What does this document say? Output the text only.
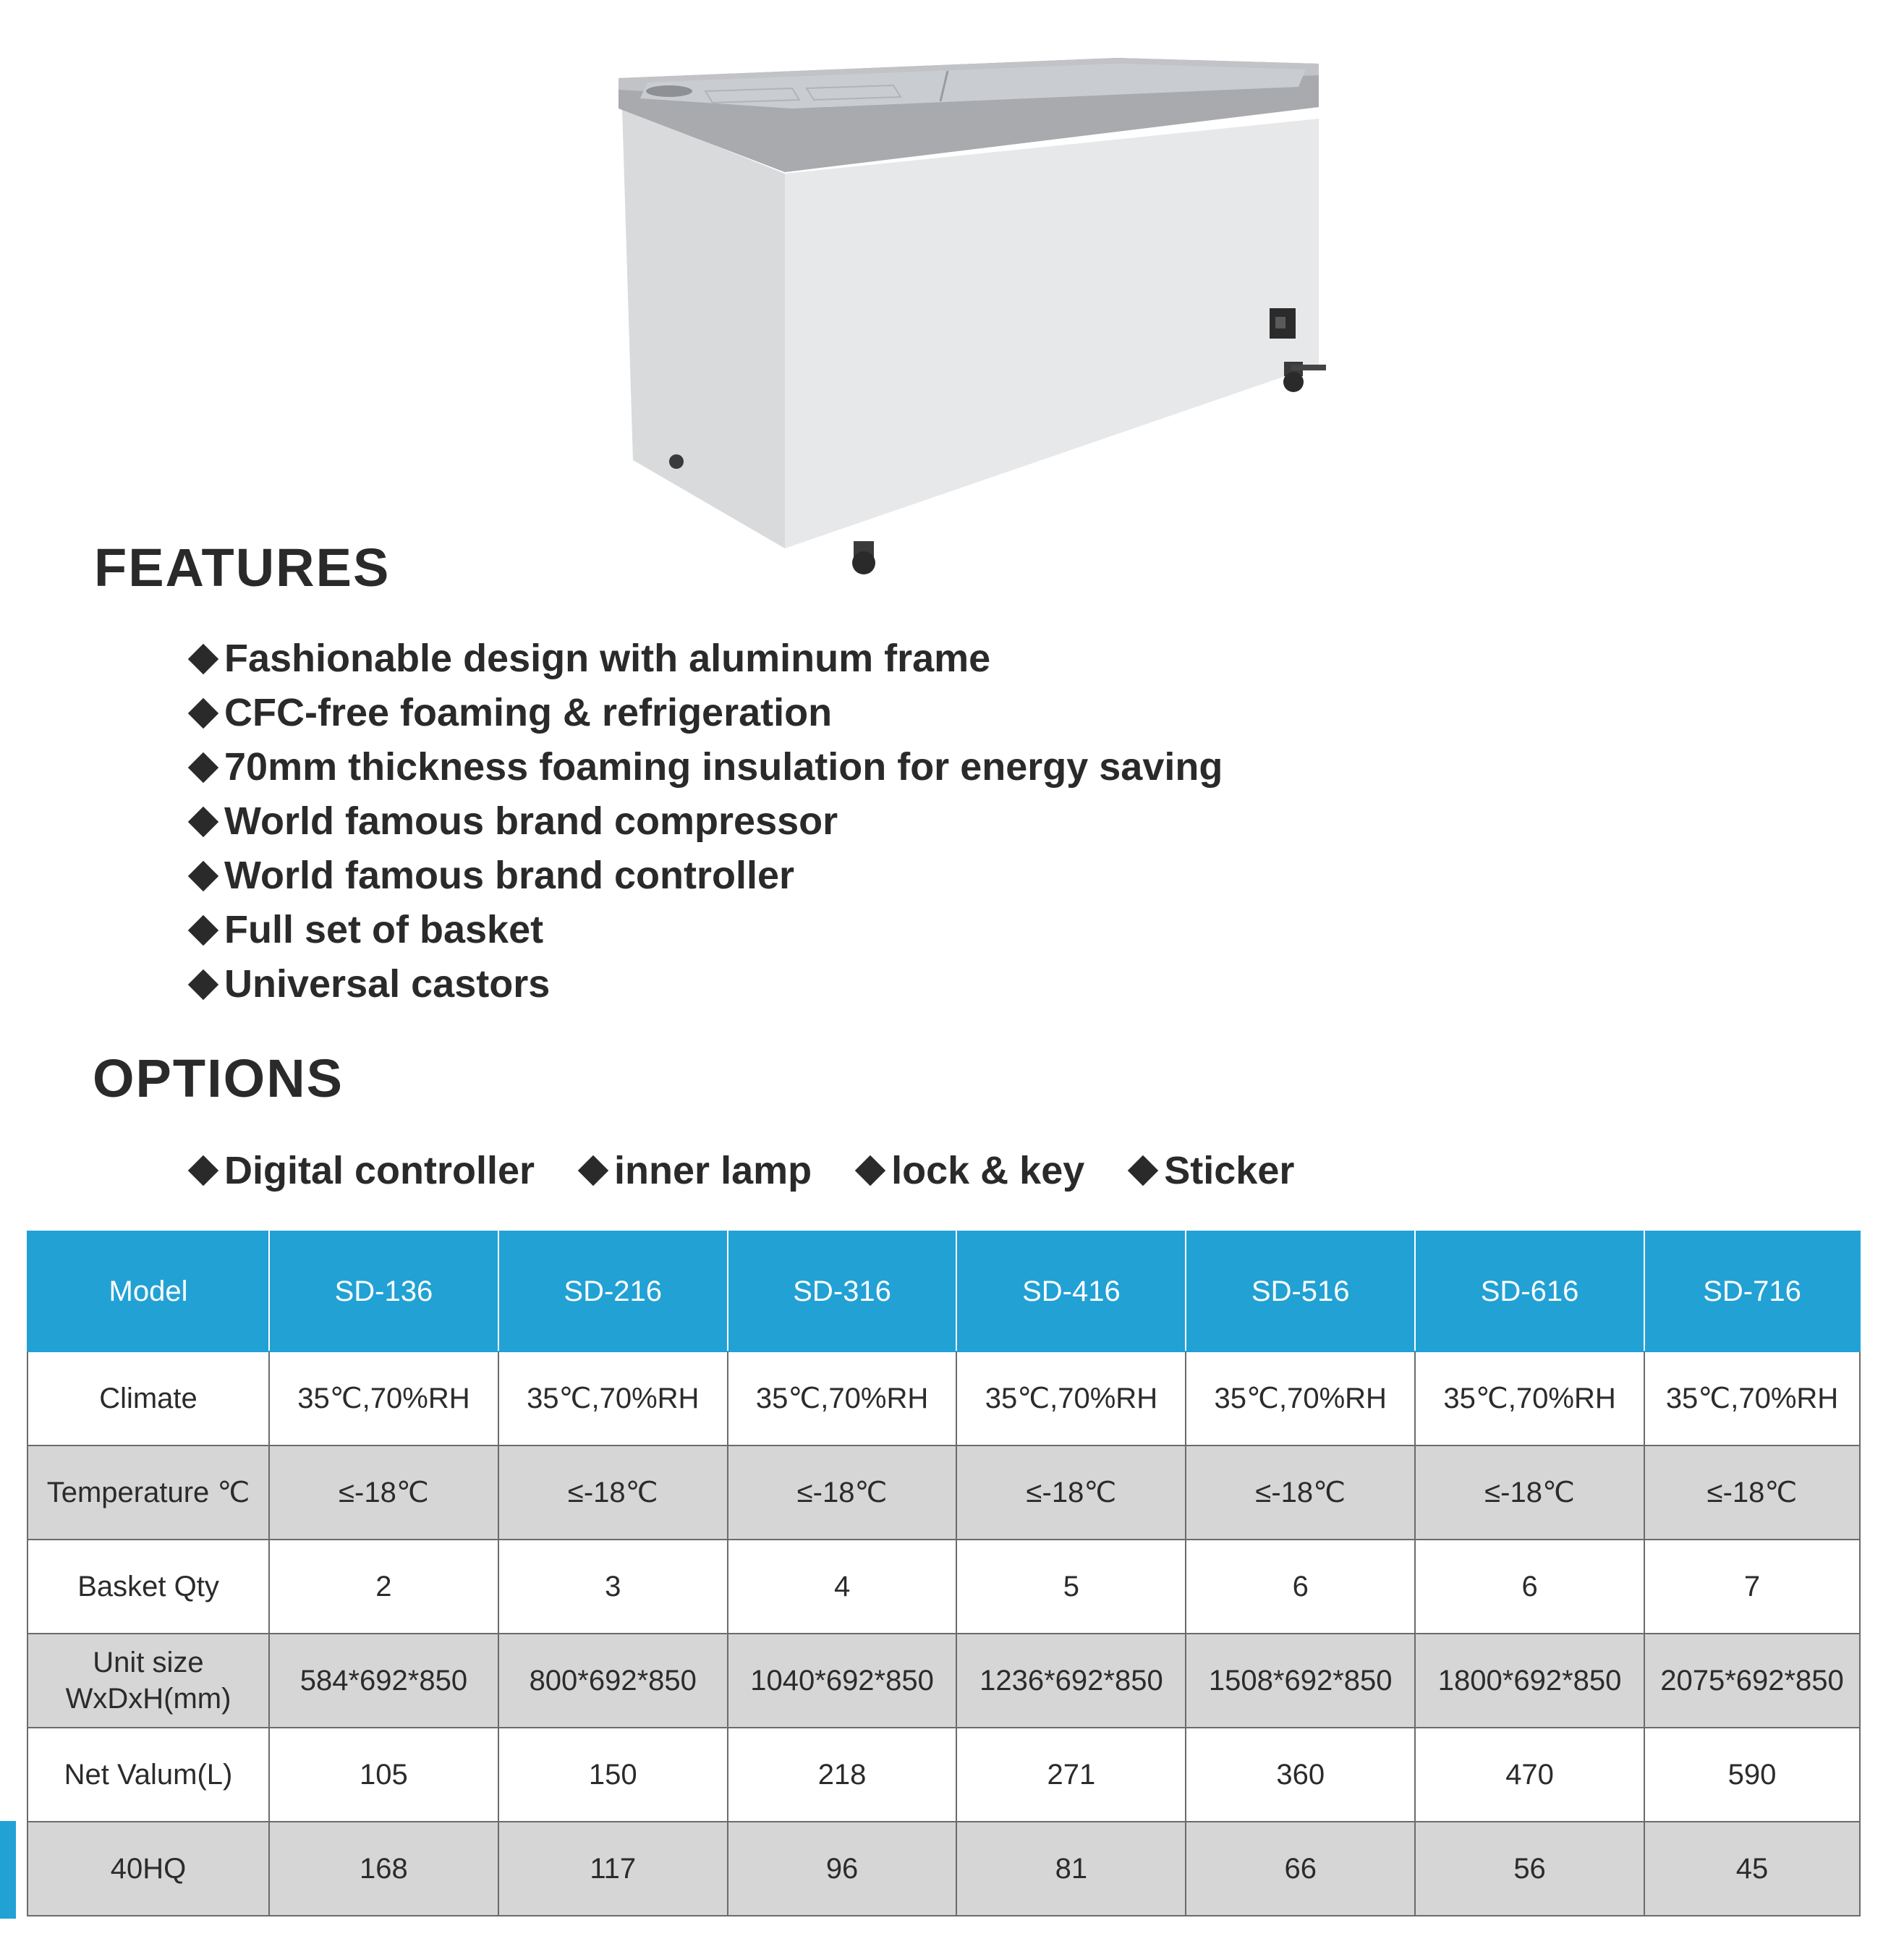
FEATURES
Fashionable design with aluminum frame
CFC-free foaming & refrigeration
70mm thickness foaming insulation for energy saving
World famous brand compressor
World famous brand controller
Full set of basket
Universal castors
OPTIONS
Digital controller inner lamp lock & key Sticker
Model	SD-136	SD-216	SD-316	SD-416	SD-516	SD-616	SD-716
Climate	35℃,70%RH	35℃,70%RH	35℃,70%RH	35℃,70%RH	35℃,70%RH	35℃,70%RH	35℃,70%RH
Temperature ℃	≤-18℃	≤-18℃	≤-18℃	≤-18℃	≤-18℃	≤-18℃	≤-18℃
Basket Qty	2	3	4	5	6	6	7
Unit size WxDxH(mm)	584*692*850	800*692*850	1040*692*850	1236*692*850	1508*692*850	1800*692*850	2075*692*850
Net Valum(L)	105	150	218	271	360	470	590
40HQ	168	117	96	81	66	56	45
